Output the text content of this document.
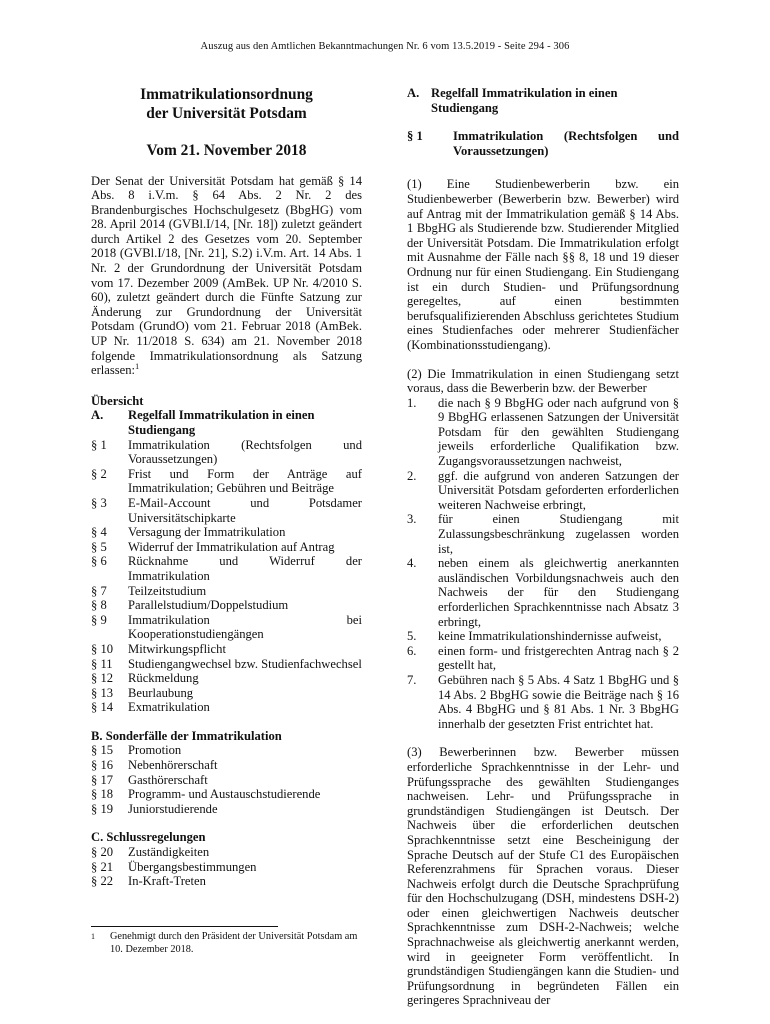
Auszug aus den Amtlichen Bekanntmachungen Nr. 6 vom 13.5.2019 - Seite 294 - 306

Immatrikulationsordnung
der Universität Potsdam

Vom 21. November 2018

Der Senat der Universität Potsdam hat gemäß § 14 Abs. 8 i.V.m. § 64 Abs. 2 Nr. 2 des Brandenburgisches Hochschulgesetz (BbgHG) vom 28. April 2014 (GVBl.I/14, [Nr. 18]) zuletzt geändert durch Artikel 2 des Gesetzes vom 20. September 2018 (GVBl.I/18, [Nr. 21], S.2) i.V.m. Art. 14 Abs. 1 Nr. 2 der Grundordnung der Universität Potsdam vom 17. Dezember 2009 (AmBek. UP Nr. 4/2010 S. 60), zuletzt geändert durch die Fünfte Satzung zur Änderung zur Grundordnung der Universität Potsdam (GrundO) vom 21. Februar 2018 (AmBek. UP Nr. 11/2018 S. 634) am 21. November 2018 folgende Immatrikulationsordnung als Satzung erlassen:$^1$

Übersicht

A.	Regelfall Immatrikulation in einen Studiengang
§ 1	Immatrikulation (Rechtsfolgen und Voraussetzungen)
§ 2	Frist und Form der Anträge auf Immatrikulation; Gebühren und Beiträge
§ 3	E-Mail-Account und Potsdamer Universitätschipkarte
§ 4	Versagung der Immatrikulation
§ 5	Widerruf der Immatrikulation auf Antrag
§ 6	Rücknahme und Widerruf der Immatrikulation
§ 7	Teilzeitstudium
§ 8	Parallelstudium/Doppelstudium
§ 9	Immatrikulation bei Kooperationstudiengängen
§ 10	Mitwirkungspflicht
§ 11	Studiengangwechsel bzw. Studienfachwechsel
§ 12	Rückmeldung
§ 13	Beurlaubung
§ 14	Exmatrikulation
B. Sonderfälle der Immatrikulation
§ 15	Promotion
§ 16	Nebenhörerschaft
§ 17	Gasthörerschaft
§ 18	Programm- und Austauschstudierende
§ 19	Juniorstudierende
C. Schlussregelungen
§ 20	Zuständigkeiten
§ 21	Übergangsbestimmungen
§ 22	In-Kraft-Treten
1	Genehmigt durch den Präsident der Universität Potsdam am 10. Dezember 2018.
A. Regelfall Immatrikulation in einen Studiengang
§ 1	Immatrikulation (Rechtsfolgen und Voraussetzungen)

(1) Eine Studienbewerberin bzw. ein Studienbewerber (Bewerberin bzw. Bewerber) wird auf Antrag mit der Immatrikulation gemäß § 14 Abs. 1 BbgHG als Studierende bzw. Studierender Mitglied der Universität Potsdam. Die Immatrikulation erfolgt mit Ausnahme der Fälle nach §§ 8, 18 und 19 dieser Ordnung nur für einen Studiengang. Ein Studiengang ist ein durch Studien- und Prüfungsordnung geregeltes, auf einen bestimmten berufsqualifizierenden Abschluss gerichtetes Studium eines Studienfaches oder mehrerer Studienfächer (Kombinationsstudiengang).

(2) Die Immatrikulation in einen Studiengang setzt voraus, dass die Bewerberin bzw. der Bewerber

1.	die nach § 9 BbgHG oder nach aufgrund von § 9 BbgHG erlassenen Satzungen der Universität Potsdam für den gewählten Studiengang jeweils erforderliche Qualifikation bzw. Zugangsvoraussetzungen nachweist,
2.	ggf. die aufgrund von anderen Satzungen der Universität Potsdam geforderten erforderlichen weiteren Nachweise erbringt,
3.	für einen Studiengang mit Zulassungsbeschränkung zugelassen worden ist,
4.	neben einem als gleichwertig anerkannten ausländischen Vorbildungsnachweis auch den Nachweis der für den Studiengang erforderlichen Sprachkenntnisse nach Absatz 3 erbringt,
5.	keine Immatrikulationshindernisse aufweist,
6.	einen form- und fristgerechten Antrag nach § 2 gestellt hat,
7.	Gebühren nach § 5 Abs. 4 Satz 1 BbgHG und § 14 Abs. 2 BbgHG sowie die Beiträge nach § 16 Abs. 4 BbgHG und § 81 Abs. 1 Nr. 3 BbgHG innerhalb der gesetzten Frist entrichtet hat.

(3) Bewerberinnen bzw. Bewerber müssen erforderliche Sprachkenntnisse in der Lehr- und Prüfungssprache des gewählten Studienganges nachweisen. Lehr- und Prüfungssprache in grundständigen Studiengängen ist Deutsch. Der Nachweis über die erforderlichen deutschen Sprachkenntnisse setzt eine Bescheinigung der Sprache Deutsch auf der Stufe C1 des Europäischen Referenzrahmens für Sprachen voraus. Dieser Nachweis erfolgt durch die Deutsche Sprachprüfung für den Hochschulzugang (DSH, mindestens DSH-2) oder einen gleichwertigen Nachweis deutscher Sprachkenntnisse zum DSH-2-Nachweis; welche Sprachnachweise als gleichwertig anerkannt werden, wird in geeigneter Form veröffentlicht. In grundständigen Studiengängen kann die Studien- und Prüfungsordnung in begründeten Fällen ein geringeres Sprachniveau der
